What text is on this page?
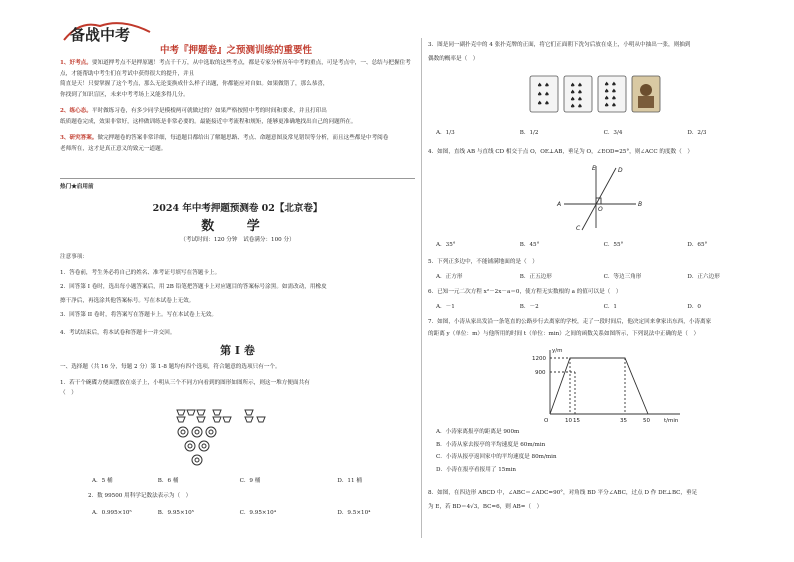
备战中考
中考『押题卷』之预测训练的重要性

1、好考点。要知道押考点不是押原题！考点千千万，从中选取的这些考点，都是专家分析历年中考的重点，可是考点中，一、总结与把握住考点，才能帮助中考生们在考试中获得很大的提升，并且

简直是天！只要掌握了这个考点，那么无论变换成什么样子出题，你都能应对自如。如果做错了，那么恭喜，

你找到了知识盲区，未来中考考场上又能多得几分。

2、练心态。平时做练习卷，有多少同学是模棱两可就做过的？如果严格按照中考的时间和要求，并且打印出

纸质题卷完成，效果非常好，这样做训练是非常必要的。最能接近中考流程和规矩，能够更准确地找出自己的问题所在。

3、研究答案。做完押题卷的答案非常详细，每道题目都给出了解题思路、考点、命题意图及常见错误等分析，而且这些都是中考阅卷

老师所在，这才是真正意义的致元一道题。

热门★启用前
2024 年中考押题预测卷 02【北京卷】
数 学
（考试时间：120 分钟　试卷满分：100 分）
注意事项：
1．答卷前，考生务必将自己的姓名、准考证号填写在答题卡上。
2．回答第 I 卷时，选出每小题答案后，用 2B 铅笔把答题卡上对应题目的答案标号涂黑。如需改动，用橡皮
擦干净后，再选涂其他答案标号。写在本试卷上无效。
3．回答第 II 卷时，将答案写在答题卡上。写在本试卷上无效。
4．考试结束后，将本试卷和答题卡一并交回。
第 I 卷
一、选择题（共 16 分，每题 2 分）第 1-8 题均有四个选项，符合题意的选项只有一个。
1．若干个碗碟方便面摆放在桌子上，小明从三个不同方向看到的图形如图所示，则这一堆方便面共有
（　）
A．5 桶	B．6 桶	C．9 桶	D．11 桶
2．数 99500 用科学记数法表示为（　）
A．0.995×10⁵	B．9.95×10⁵	C．9.95×10⁴	D．9.5×10⁴
3．图是同一副扑克中的 4 张扑克牌的正面，将它们正面朝下洗匀后放在桌上，小明从中抽出一张，则抽到
偶数的概率是（　）
♠ ♠
♠ ♠
♠ ♠
♠ ♠
♠ ♠
♠ ♠
♠ ♠
♠ ♠
♠ ♠
♠ ♠
♠ ♠
A．1/3	B．1/2	C．3/4	D．2/3
4．如图，直线 AB 与直线 CD 相交于点 O，OE⊥AB，垂足为 O，∠EOD=25°，则∠ACC 的度数（　）
E	D
A
O
B
C
A．35°	B．45°	C．55°	D．65°
5．下列正多边中，不能铺满地面的是（　）
A．正方形	B．正五边形	C．等边三角形	D．正六边形
6．已知一元二次方程 x²－2x－a＝0，使方程无实数根的 a 的值可以是（　）
A．－1	B．－2	C．1	D．0
7．如图，小涛从家出发沿一条笔直的公路步行去离家的学校，走了一段时间后，他决定回来拿家出东西，小涛离家
的距离 y（单位：m）与他所用的时间 t（单位：min）之间的函数关系如图所示，下列说法中正确的是（　）
y/m
1200
900
O	10 15	35	50	t/min
A．小涛家离报亭的距离是 900m
B．小涛从家去报亭的平均速度是 60m/min
C．小涛从报亭返回家中的平均速度是 80m/min
D．小涛在报亭看报用了 15min
8．如图，在四边形 ABCD 中，∠ABC＝∠ADC=90°，对角线 BD 平分∠ABC，过点 D 作 DE⊥BC，垂足
为 E，若 BD＝4√3，BC=6，则 AB=（　）
